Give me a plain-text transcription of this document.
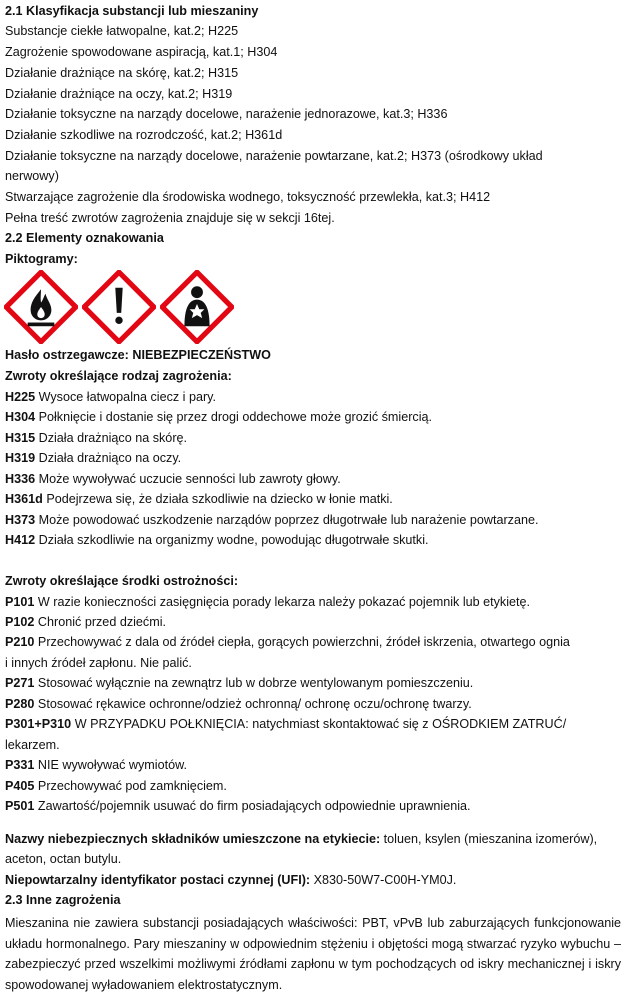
2.1 Klasyfikacja substancji lub mieszaniny
Substancje ciekłe łatwopalne, kat.2; H225
Zagrożenie spowodowane aspiracją, kat.1; H304
Działanie drażniące na skórę, kat.2; H315
Działanie drażniące na oczy, kat.2; H319
Działanie toksyczne na narządy docelowe, narażenie jednorazowe, kat.3; H336
Działanie szkodliwe na rozrodczość, kat.2; H361d
Działanie toksyczne na narządy docelowe, narażenie powtarzane, kat.2; H373 (ośrodkowy układ
nerwowy)
Stwarzające zagrożenie dla środowiska wodnego, toksyczność przewlekła, kat.3; H412
Pełna treść zwrotów zagrożenia znajduje się w sekcji 16tej.
2.2 Elementy oznakowania
Piktogramy:
Hasło ostrzegawcze: NIEBEZPIECZEŃSTWO
Zwroty określające rodzaj zagrożenia:
H225 Wysoce łatwopalna ciecz i pary.
H304 Połknięcie i dostanie się przez drogi oddechowe może grozić śmiercią.
H315 Działa drażniąco na skórę.
H319 Działa drażniąco na oczy.
H336 Może wywoływać uczucie senności lub zawroty głowy.
H361d Podejrzewa się, że działa szkodliwie na dziecko w łonie matki.
H373 Może powodować uszkodzenie narządów poprzez długotrwałe lub narażenie powtarzane.
H412 Działa szkodliwie na organizmy wodne, powodując długotrwałe skutki.
Zwroty określające środki ostrożności:
P101 W razie konieczności zasięgnięcia porady lekarza należy pokazać pojemnik lub etykietę.
P102 Chronić przed dziećmi.
P210 Przechowywać z dala od źródeł ciepła, gorących powierzchni, źródeł iskrzenia, otwartego ognia
i innych źródeł zapłonu. Nie palić.
P271 Stosować wyłącznie na zewnątrz lub w dobrze wentylowanym pomieszczeniu.
P280 Stosować rękawice ochronne/odzież ochronną/ ochronę oczu/ochronę twarzy.
P301+P310 W PRZYPADKU POŁKNIĘCIA: natychmiast skontaktować się z OŚRODKIEM ZATRUĆ/
lekarzem.
P331 NIE wywoływać wymiotów.
P405 Przechowywać pod zamknięciem.
P501 Zawartość/pojemnik usuwać do firm posiadających odpowiednie uprawnienia.
Nazwy niebezpiecznych składników umieszczone na etykiecie: toluen, ksylen (mieszanina izomerów),
aceton, octan butylu.
Niepowtarzalny identyfikator postaci czynnej (UFI): X830-50W7-C00H-YM0J.
2.3 Inne zagrożenia
Mieszanina nie zawiera substancji posiadających właściwości: PBT, vPvB lub zaburzających funkcjonowanie układu hormonalnego. Pary mieszaniny w odpowiednim stężeniu i objętości mogą stwarzać ryzyko wybuchu – zabezpieczyć przed wszelkimi możliwymi źródłami zapłonu w tym pochodzących od iskry mechanicznej i iskry spowodowanej wyładowaniem elektrostatycznym.
